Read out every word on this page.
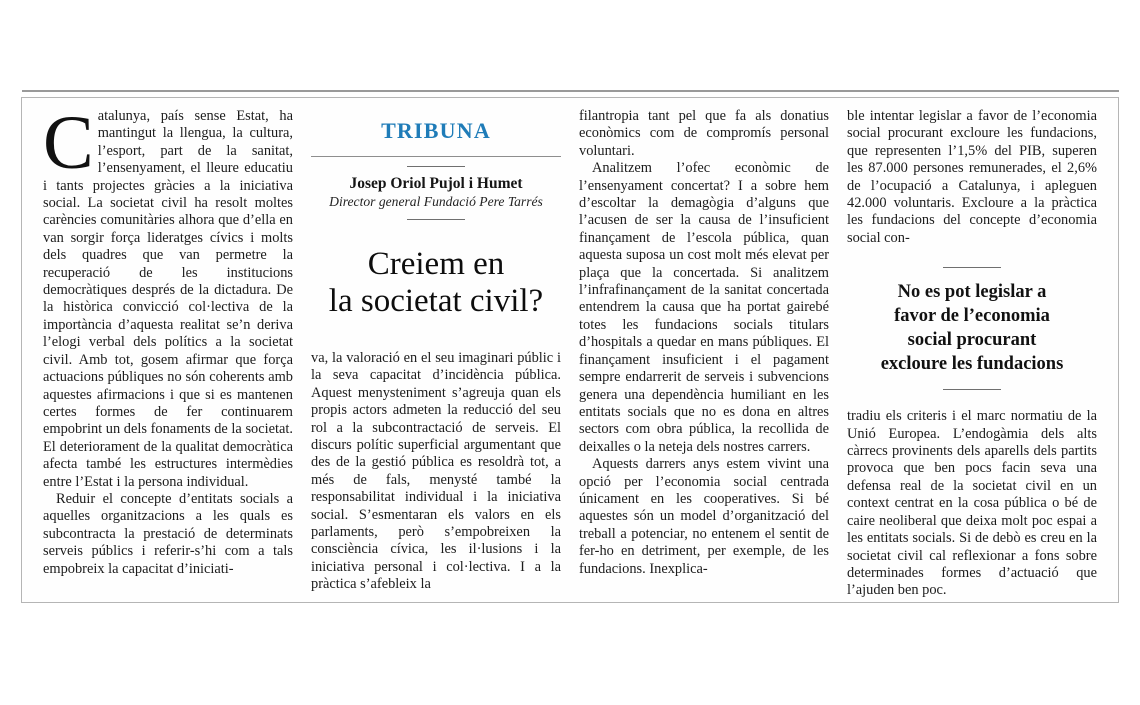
Catalunya, país sense Estat, ha mantingut la llengua, la cultura, l’esport, part de la sanitat, l’ensenyament, el lleure educatiu i tants projectes gràcies a la iniciativa social. La societat civil ha resolt moltes carències comunitàries alhora que d’ella en van sorgir força lideratges cívics i molts dels quadres que van permetre la recuperació de les institucions democràtiques després de la dictadura. De la històrica convicció col·lectiva de la importància d’aquesta realitat se’n deriva l’elogi verbal dels polítics a la societat civil. Amb tot, gosem afirmar que força actuacions públiques no són coherents amb aquestes afirmacions i que si es mantenen certes formes de fer continuarem empobrint un dels fonaments de la societat. El deteriorament de la qualitat democràtica afecta també les estructures intermèdies entre l’Estat i la persona individual.

Reduir el concepte d’entitats socials a aquelles organitzacions a les quals es subcontracta la prestació de determinats serveis públics i referir-s’hi com a tals empobreix la capacitat d’iniciati-

TRIBUNA
Josep Oriol Pujol i Humet
Director general Fundació Pere Tarrés
Creiem en
la societat civil?

va, la valoració en el seu imaginari públic i la seva capacitat d’incidència pública. Aquest menysteniment s’agreuja quan els propis actors admeten la reducció del seu rol a la subcontractació de serveis. El discurs polític superficial argumentant que des de la gestió pública es resoldrà tot, a més de fals, menysté també la responsabilitat individual i la iniciativa social. S’esmentaran els valors en els parlaments, però s’empobreixen la consciència cívica, les il·lusions i la iniciativa personal i col·lectiva. I a la pràctica s’afebleix la

filantropia tant pel que fa als donatius econòmics com de compromís personal voluntari.

Analitzem l’ofec econòmic de l’ensenyament concertat? I a sobre hem d’escoltar la demagògia d’alguns que l’acusen de ser la causa de l’insuficient finançament de l’escola pública, quan aquesta suposa un cost molt més elevat per plaça que la concertada. Si analitzem l’infrafinançament de la sanitat concertada entendrem la causa que ha portat gairebé totes les fundacions socials titulars d’hospitals a quedar en mans públiques. El finançament insuficient i el pagament sempre endarrerit de serveis i subvencions genera una dependència humiliant en les entitats socials que no es dona en altres sectors com obra pública, la recollida de deixalles o la neteja dels nostres carrers.

Aquests darrers anys estem vivint una opció per l’economia social centrada únicament en les cooperatives. Si bé aquestes són un model d’organització del treball a potenciar, no entenem el sentit de fer-ho en detriment, per exemple, de les fundacions. Inexplica-

ble intentar legislar a favor de l’economia social procurant excloure les fundacions, que representen l’1,5% del PIB, superen les 87.000 persones remunerades, el 2,6% de l’ocupació a Catalunya, i apleguen 42.000 voluntaris. Excloure a la pràctica les fundacions del concepte d’economia social con-

No es pot legislar a
favor de l’economia
social procurant
excloure les fundacions

tradiu els criteris i el marc normatiu de la Unió Europea. L’endogàmia dels alts càrrecs provinents dels aparells dels partits provoca que ben pocs facin seva una defensa real de la societat civil en un context centrat en la cosa pública o bé de caire neoliberal que deixa molt poc espai a les entitats socials. Si de debò es creu en la societat civil cal reflexionar a fons sobre determinades formes d’actuació que l’ajuden ben poc.
